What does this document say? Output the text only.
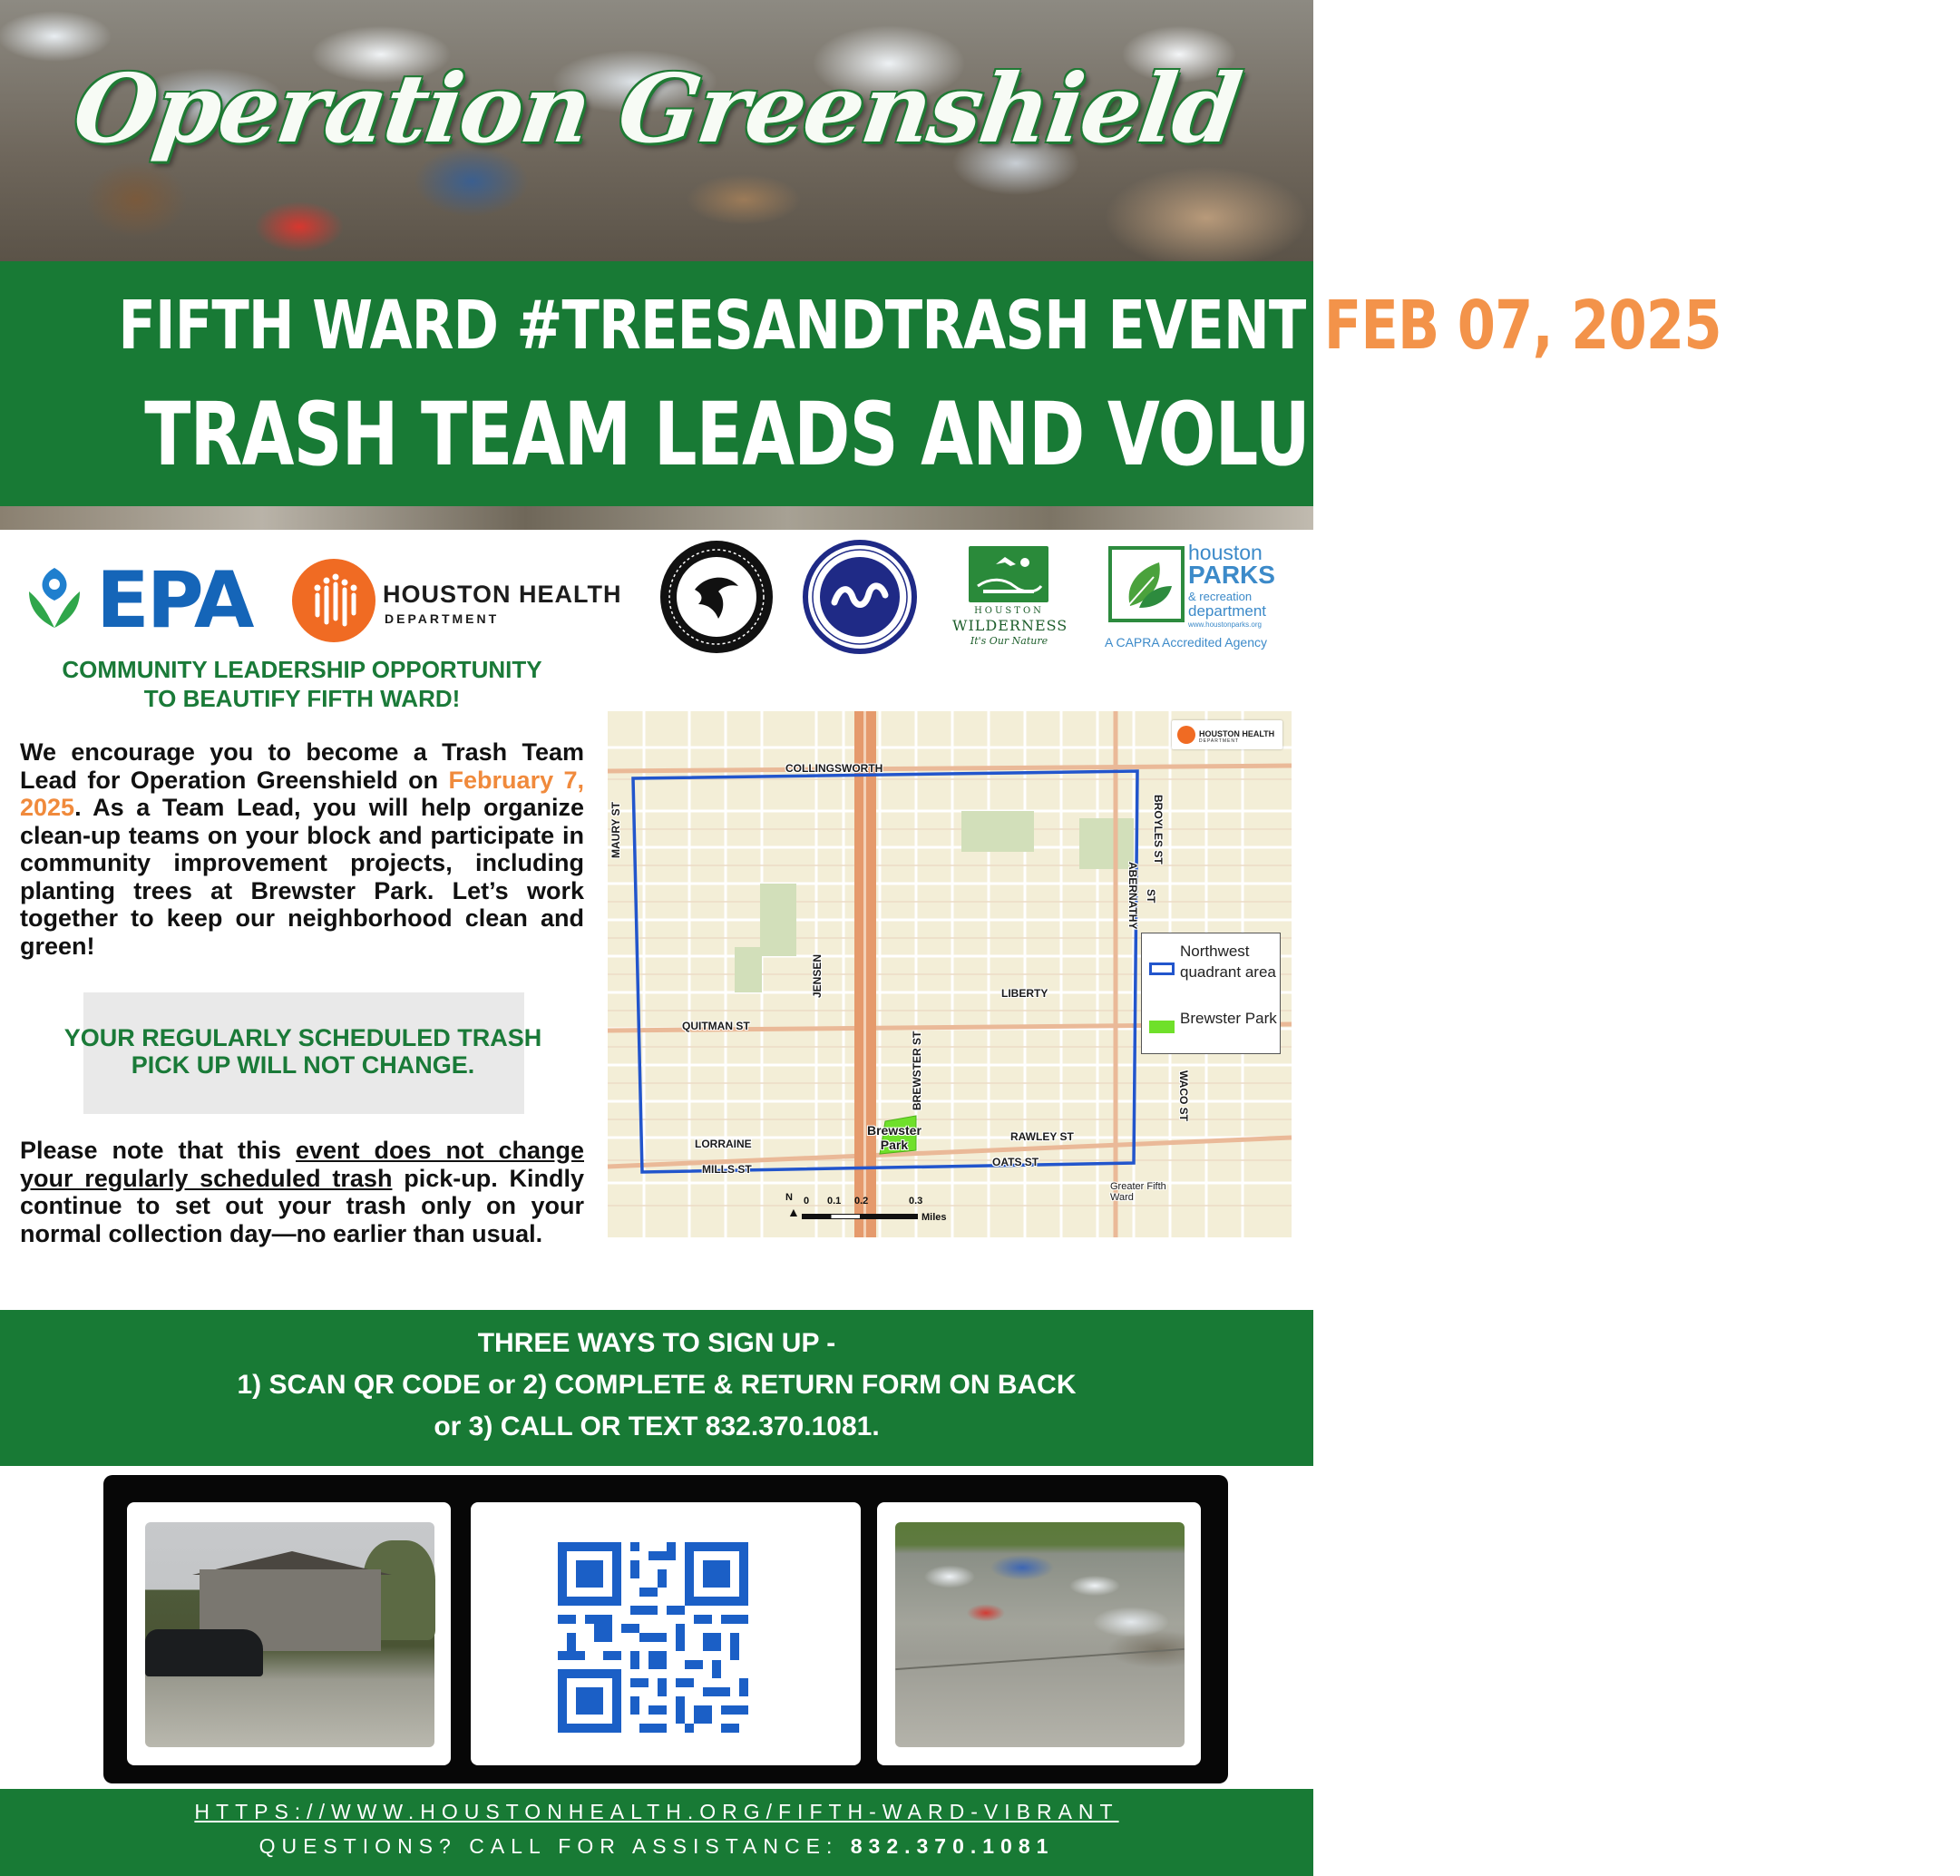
Operation Greenshield
FIFTH WARD #TREESANDTRASH EVENT FEB 07, 2025
TRASH TEAM LEADS AND VOLUNTEERS NEEDED!
EPA	HOUSTON HEALTH
DEPARTMENT
HOUSTON
WILDERNESS
It's Our Nature
houston
PARKS
& recreation
department
www.houstonparks.org
A CAPRA Accredited Agency
COMMUNITY LEADERSHIP OPPORTUNITY
TO BEAUTIFY FIFTH WARD!
We encourage you to become a Trash Team Lead for Operation Greenshield on February 7, 2025. As a Team Lead, you will help organize clean-up teams on your block and participate in community improvement projects, including planting trees at Brewster Park. Let’s work together to keep our neighborhood clean and green!
YOUR REGULARLY SCHEDULED TRASH
PICK UP WILL NOT CHANGE.
Please note that this event does not change your regularly scheduled trash pick-up. Kindly continue to set out your trash only on your normal collection day—no earlier than usual.
HOUSTON HEALTH
DEPARTMENT
COLLINGSWORTH
MAURY ST
JENSEN	LIBERTY
QUITMAN ST
BREWSTER ST
LORRAINE
MILLS ST
RAWLEY ST
OATS ST
BROYLES ST
ABERNATHY ST
WACO ST
Greater Fifth Ward
Brewster
Park
Northwest quadrant area
Brewster Park
N
▲
0 0.1 0.2	0.3
Miles

THREE WAYS TO SIGN UP -

1) SCAN QR CODE or 2) COMPLETE & RETURN FORM ON BACK

or 3) CALL OR TEXT 832.370.1081.

HTTPS://WWW.HOUSTONHEALTH.ORG/FIFTH-WARD-VIBRANT
QUESTIONS? CALL FOR ASSISTANCE: 832.370.1081
